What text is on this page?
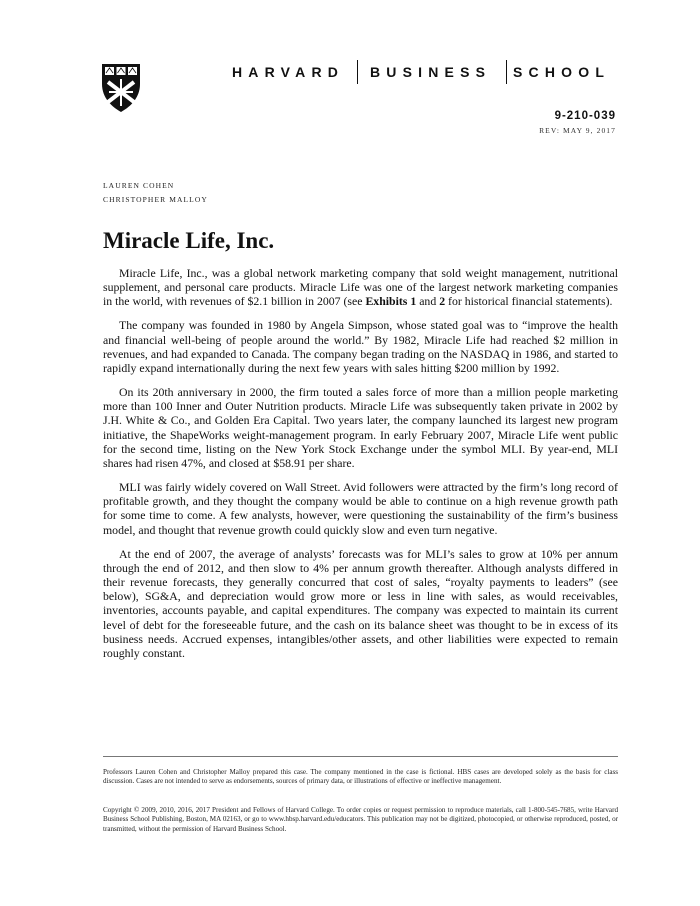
HARVARD BUSINESS SCHOOL
9-210-039
REV: MAY 9, 2017
LAUREN COHEN
CHRISTOPHER MALLOY
Miracle Life, Inc.

Miracle Life, Inc., was a global network marketing company that sold weight management, nutritional supplement, and personal care products. Miracle Life was one of the largest network marketing companies in the world, with revenues of $2.1 billion in 2007 (see Exhibits 1 and 2 for historical financial statements).

The company was founded in 1980 by Angela Simpson, whose stated goal was to “improve the health and financial well-being of people around the world.” By 1982, Miracle Life had reached $2 million in revenues, and had expanded to Canada. The company began trading on the NASDAQ in 1986, and started to rapidly expand internationally during the next few years with sales hitting $200 million by 1992.

On its 20th anniversary in 2000, the firm touted a sales force of more than a million people marketing more than 100 Inner and Outer Nutrition products. Miracle Life was subsequently taken private in 2002 by J.H. White & Co., and Golden Era Capital. Two years later, the company launched its largest new program initiative, the ShapeWorks weight-management program. In early February 2007, Miracle Life went public for the second time, listing on the New York Stock Exchange under the symbol MLI. By year-end, MLI shares had risen 47%, and closed at $58.91 per share.

MLI was fairly widely covered on Wall Street. Avid followers were attracted by the firm’s long record of profitable growth, and they thought the company would be able to continue on a high revenue growth path for some time to come. A few analysts, however, were questioning the sustainability of the firm’s business model, and thought that revenue growth could quickly slow and even turn negative.

At the end of 2007, the average of analysts’ forecasts was for MLI’s sales to grow at 10% per annum through the end of 2012, and then slow to 4% per annum growth thereafter. Although analysts differed in their revenue forecasts, they generally concurred that cost of sales, “royalty payments to leaders” (see below), SG&A, and depreciation would grow more or less in line with sales, as would receivables, inventories, accounts payable, and capital expenditures. The company was expected to maintain its current level of debt for the foreseeable future, and the cash on its balance sheet was thought to be in excess of its business needs. Accrued expenses, intangibles/other assets, and other liabilities were expected to remain roughly constant.

Professors Lauren Cohen and Christopher Malloy prepared this case. The company mentioned in the case is fictional. HBS cases are developed solely as the basis for class discussion. Cases are not intended to serve as endorsements, sources of primary data, or illustrations of effective or ineffective management.

Copyright © 2009, 2010, 2016, 2017 President and Fellows of Harvard College. To order copies or request permission to reproduce materials, call 1-800-545-7685, write Harvard Business School Publishing, Boston, MA 02163, or go to www.hbsp.harvard.edu/educators. This publication may not be digitized, photocopied, or otherwise reproduced, posted, or transmitted, without the permission of Harvard Business School.
